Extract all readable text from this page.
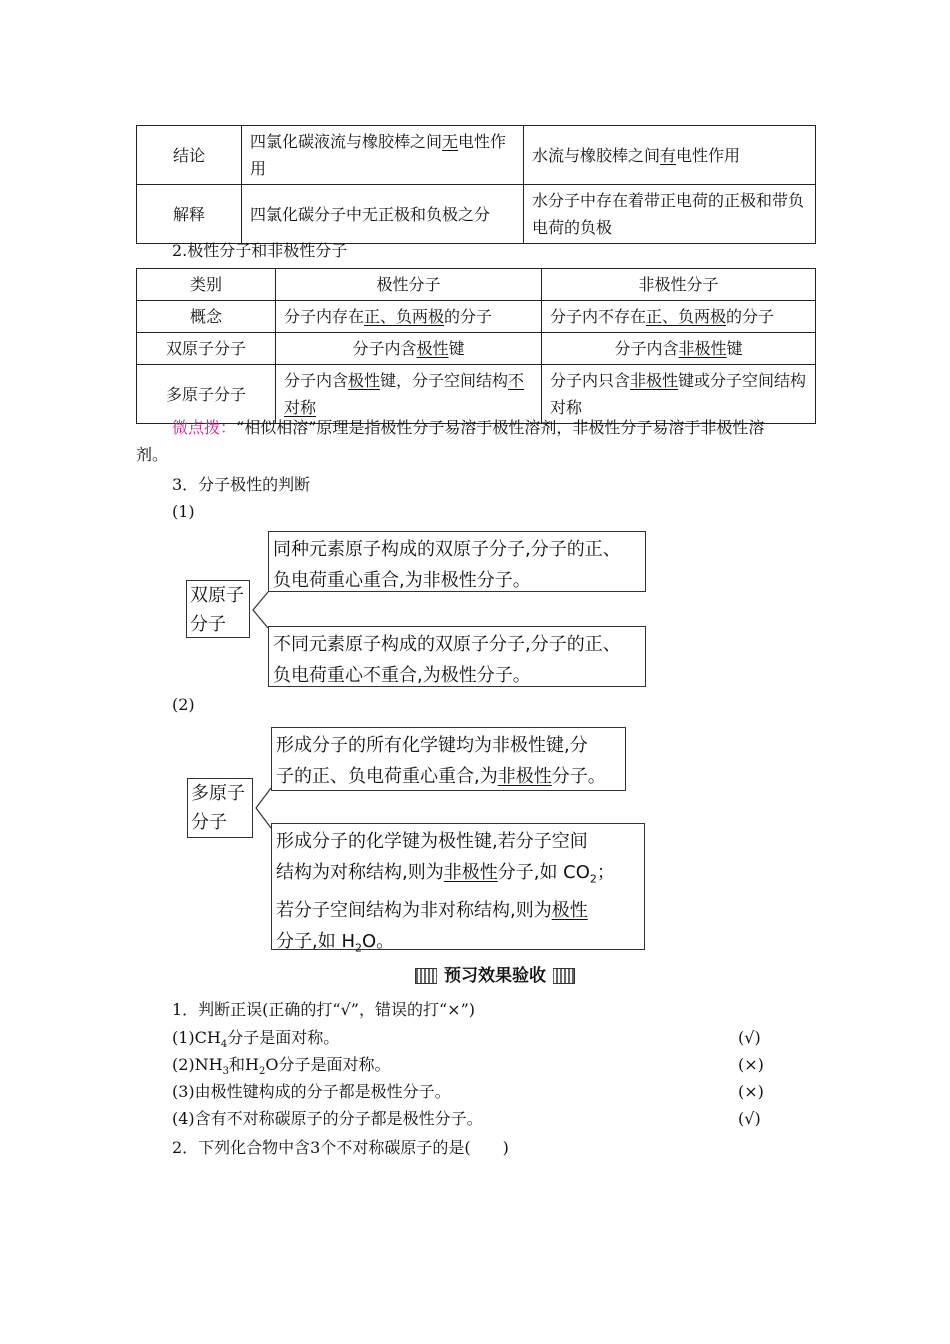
结论	四氯化碳液流与橡胶棒之间无电性作用	水流与橡胶棒之间有电性作用
解释	四氯化碳分子中无正极和负极之分	水分子中存在着带正电荷的正极和带负电荷的负极
2.极性分子和非极性分子
类别	极性分子	非极性分子
概念	分子内存在正、负两极的分子	分子内不存在正、负两极的分子
双原子分子	分子内含极性键	分子内含非极性键
多原子分子	分子内含极性键，分子空间结构不对称	分子内只含非极性键或分子空间结构对称
微点拨：“相似相溶”原理是指极性分子易溶于极性溶剂，非极性分子易溶于非极性溶
剂。
3．分子极性的判断
(1)
双原子
分子
同种元素原子构成的双原子分子,分子的正、
负电荷重心重合,为非极性分子。
不同元素原子构成的双原子分子,分子的正、
负电荷重心不重合,为极性分子。
(2)
多原子
分子
形成分子的所有化学键均为非极性键,分
子的正、负电荷重心重合,为非极性分子。
形成分子的化学键为极性键,若分子空间
结构为对称结构,则为非极性分子,如 $CO_2$；
若分子空间结构为非对称结构,则为极性
分子,如 $H_2O$。
预习效果验收
1．判断正误(正确的打“√”，错误的打“×”)
$(1)CH_4$分子是面对称。	(√)
$(2)NH_3$和$H_2O$分子是面对称。	(×)
(3)由极性键构成的分子都是极性分子。	(×)
(4)含有不对称碳原子的分子都是极性分子。	(√)
2．下列化合物中含3个不对称碳原子的是(　　)
